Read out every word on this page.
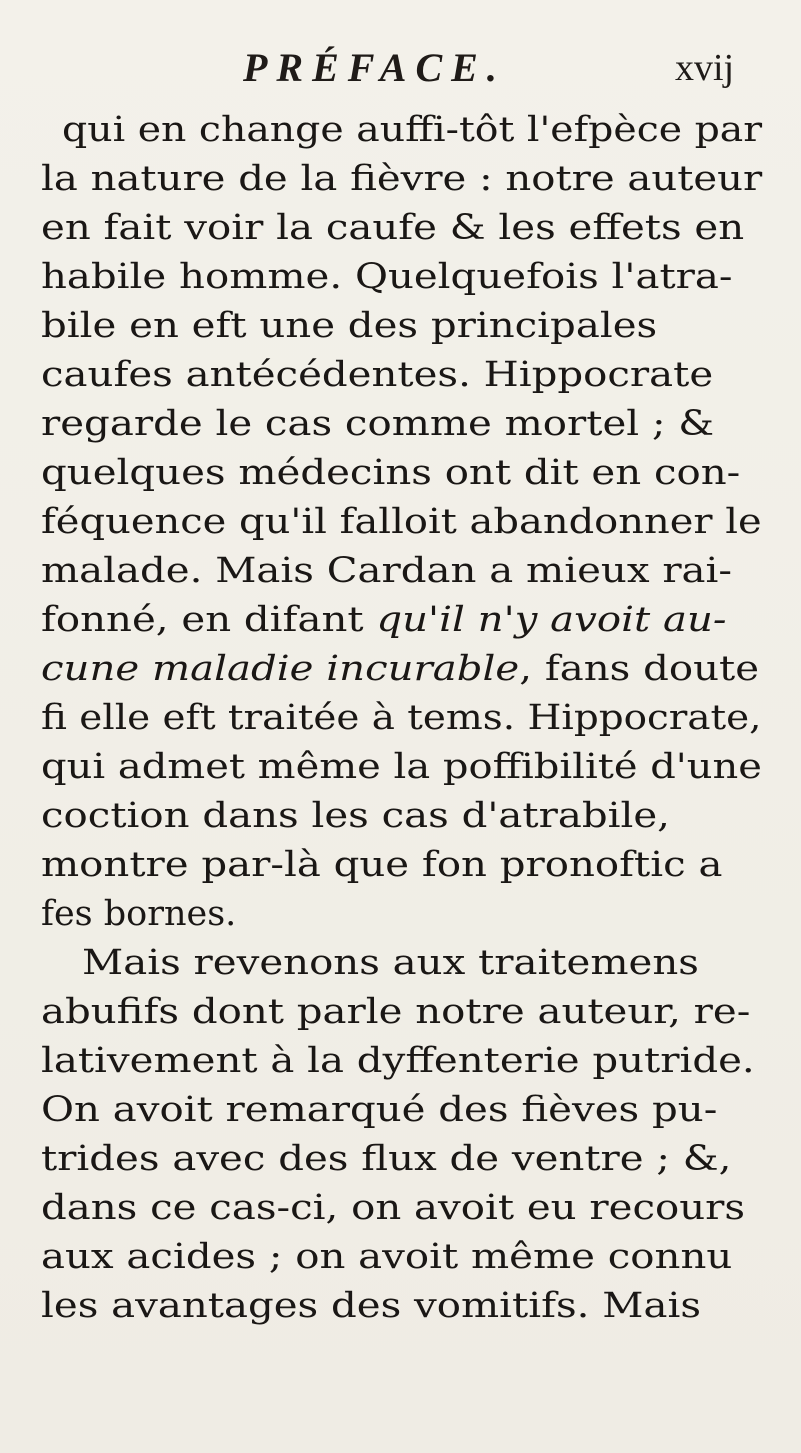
PRÉFACE.	xvij
qui en change auffi-tôt l'efpèce par
la nature de la fièvre : notre auteur
en fait voir la caufe & les effets en
habile homme. Quelquefois l'atra-
bile en eft une des principales
caufes antécédentes. Hippocrate
regarde le cas comme mortel ; &
quelques médecins ont dit en con-
féquence qu'il falloit abandonner le
malade. Mais Cardan a mieux rai-
fonné, en difant qu'il n'y avoit au-
cune maladie incurable, fans doute
fi elle eft traitée à tems. Hippocrate,
qui admet même la poffibilité d'une
coction dans les cas d'atrabile,
montre par-là que fon pronoftic a
fes bornes.
Mais revenons aux traitemens
abufifs dont parle notre auteur, re-
lativement à la dyffenterie putride.
On avoit remarqué des fièves pu-
trides avec des flux de ventre ; &,
dans ce cas-ci, on avoit eu recours
aux acides ; on avoit même connu
les avantages des vomitifs. Mais
